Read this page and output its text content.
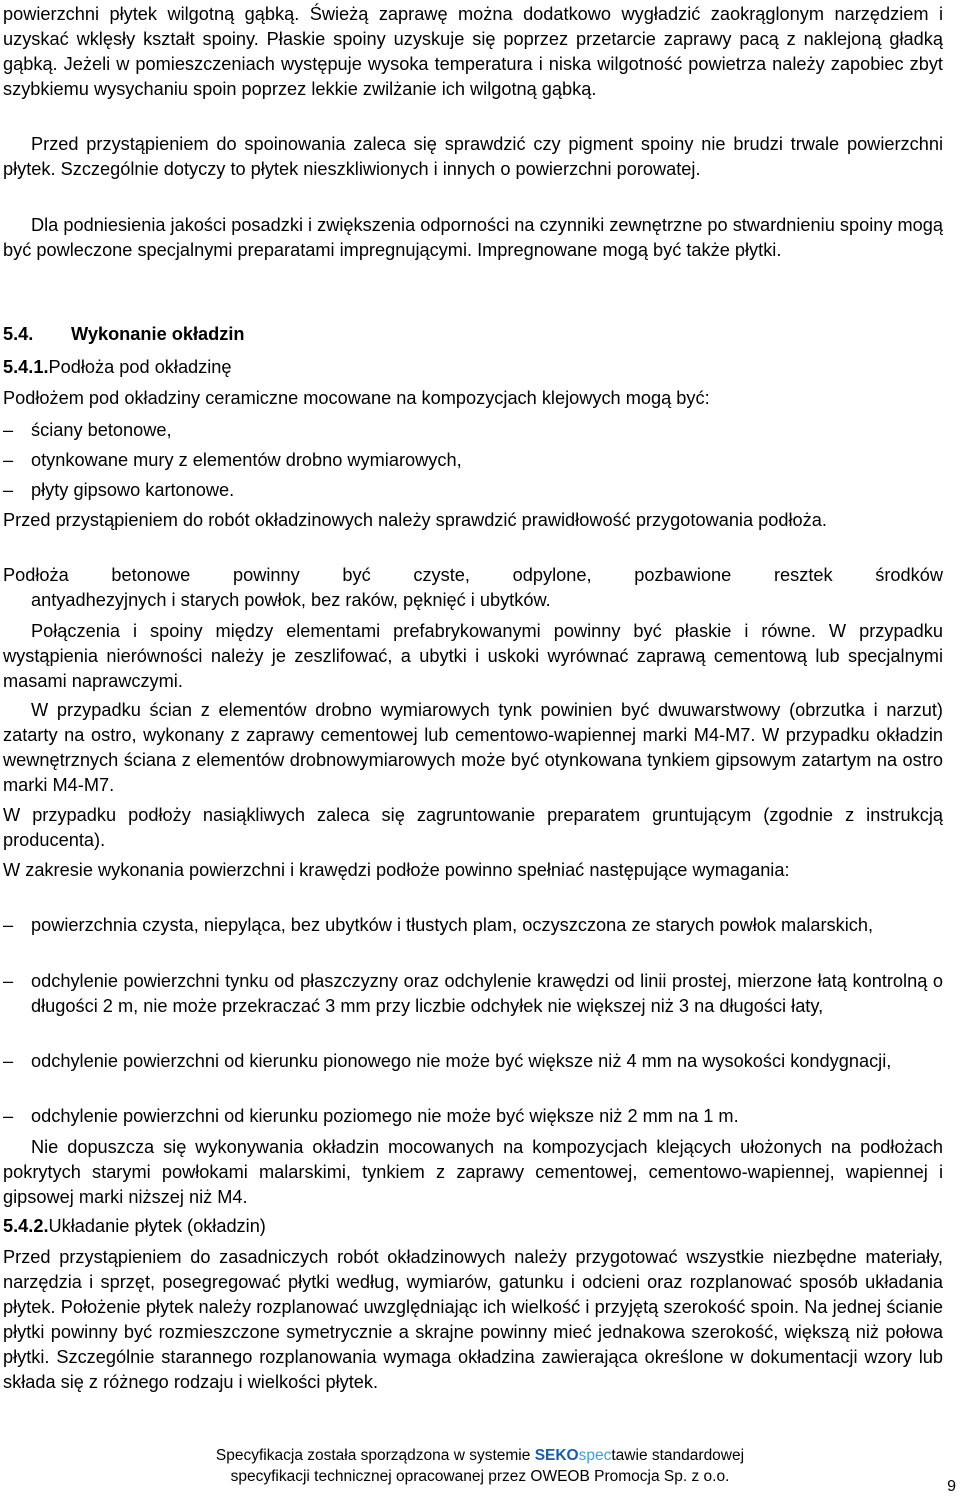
powierzchni płytek wilgotną gąbką. Świeżą zaprawę można dodatkowo wygładzić zaokrąglonym narzędziem i uzyskać wklęsły kształt spoiny. Płaskie spoiny uzyskuje się poprzez przetarcie zaprawy pacą z naklejoną gładką gąbką. Jeżeli w pomieszczeniach występuje wysoka temperatura i niska wilgotność powietrza należy zapobiec zbyt szybkiemu wysychaniu spoin poprzez lekkie zwilżanie ich wilgotną gąbką.
Przed przystąpieniem do spoinowania zaleca się sprawdzić czy pigment spoiny nie brudzi trwale powierzchni płytek. Szczególnie dotyczy to płytek nieszkliwionych i innych o powierzchni porowatej.
Dla podniesienia jakości posadzki i zwiększenia odporności na czynniki zewnętrzne po stwardnieniu spoiny mogą być powleczone specjalnymi preparatami impregnującymi. Impregnowane mogą być także płytki.
5.4. Wykonanie okładzin
5.4.1.Podłoża pod okładzinę
Podłożem pod okładziny ceramiczne mocowane na kompozycjach klejowych mogą być:
– ściany betonowe,
– otynkowane mury z elementów drobno wymiarowych,
– płyty gipsowo kartonowe.
Przed przystąpieniem do robót okładzinowych należy sprawdzić prawidłowość przygotowania podłoża.
Podłoża betonowe powinny być czyste, odpylone, pozbawione resztek środków
antyadhezyjnych i starych powłok, bez raków, pęknięć i ubytków.
Połączenia i spoiny między elementami prefabrykowanymi powinny być płaskie i równe. W przypadku wystąpienia nierówności należy je zeszlifować, a ubytki i uskoki wyrównać zaprawą cementową lub specjalnymi masami naprawczymi.
W przypadku ścian z elementów drobno wymiarowych tynk powinien być dwuwarstwowy (obrzutka i narzut) zatarty na ostro, wykonany z zaprawy cementowej lub cementowo-wapiennej marki M4-M7. W przypadku okładzin wewnętrznych ściana z elementów drobnowymiarowych może być otynkowana tynkiem gipsowym zatartym na ostro marki M4-M7.
W przypadku podłoży nasiąkliwych zaleca się zagruntowanie preparatem gruntującym (zgodnie z instrukcją producenta).
W zakresie wykonania powierzchni i krawędzi podłoże powinno spełniać następujące wymagania:
– powierzchnia czysta, niepyląca, bez ubytków i tłustych plam, oczyszczona ze starych powłok malarskich,
– odchylenie powierzchni tynku od płaszczyzny oraz odchylenie krawędzi od linii prostej, mierzone łatą kontrolną o długości 2 m, nie może przekraczać 3 mm przy liczbie odchyłek nie większej niż 3 na długości łaty,
– odchylenie powierzchni od kierunku pionowego nie może być większe niż 4 mm na wysokości kondygnacji,
– odchylenie powierzchni od kierunku poziomego nie może być większe niż 2 mm na 1 m.
Nie dopuszcza się wykonywania okładzin mocowanych na kompozycjach klejących ułożonych na podłożach pokrytych starymi powłokami malarskimi, tynkiem z zaprawy cementowej, cementowo-wapiennej, wapiennej i gipsowej marki niższej niż M4.
5.4.2.Układanie płytek (okładzin)
Przed przystąpieniem do zasadniczych robót okładzinowych należy przygotować wszystkie niezbędne materiały, narzędzia i sprzęt, posegregować płytki według, wymiarów, gatunku i odcieni oraz rozplanować sposób układania płytek. Położenie płytek należy rozplanować uwzględniając ich wielkość i przyjętą szerokość spoin. Na jednej ścianie płytki powinny być rozmieszczone symetrycznie a skrajne powinny mieć jednakowa szerokość, większą niż połowa płytki. Szczególnie starannego rozplanowania wymaga okładzina zawierająca określone w dokumentacji wzory lub składa się z różnego rodzaju i wielkości płytek.
Specyfikacja została sporządzona w systemie SEKOspectawie standardowej
specyfikacji technicznej opracowanej przez OWEOB Promocja Sp. z o.o.
9
